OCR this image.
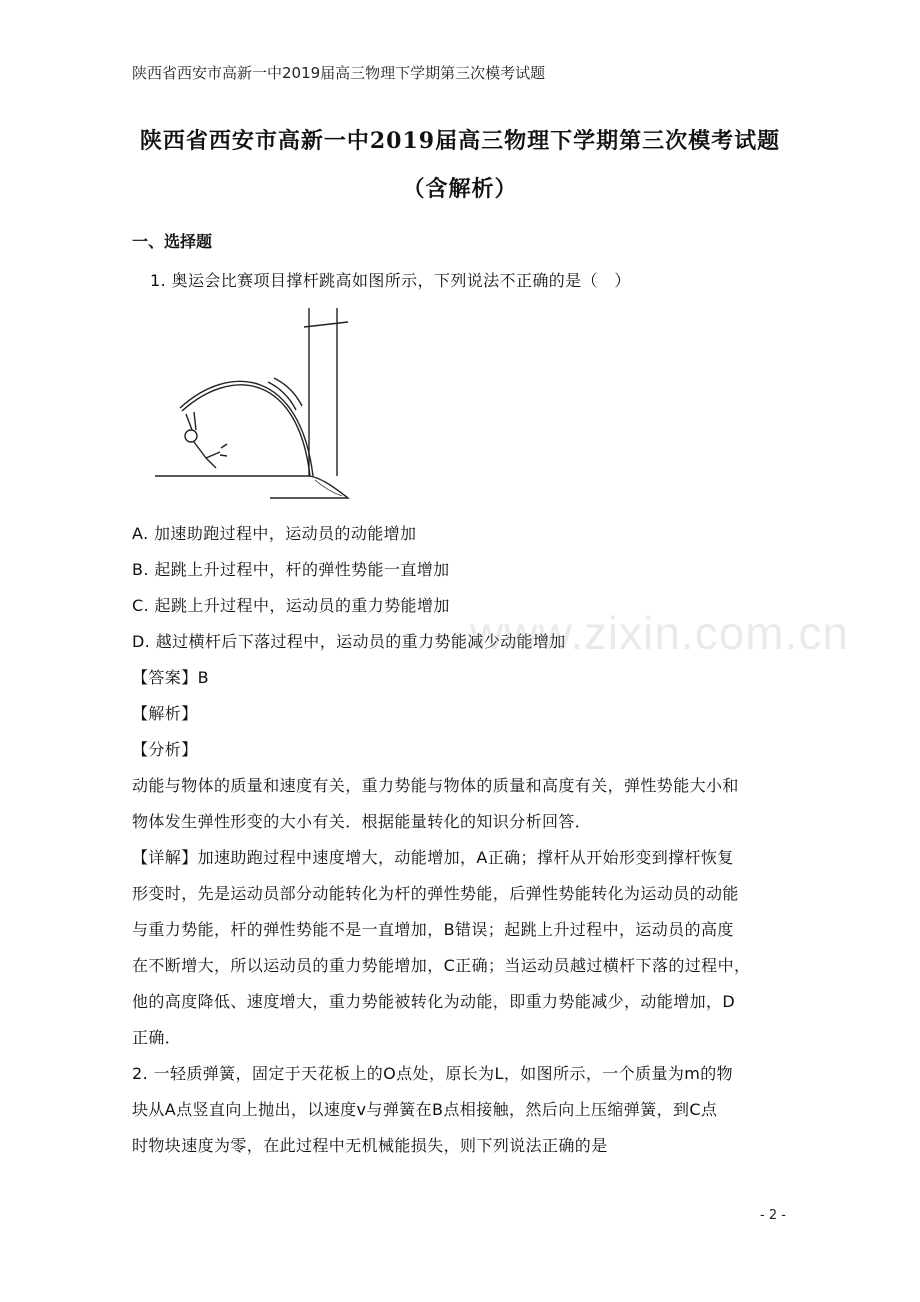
陕西省西安市高新一中2019届高三物理下学期第三次模考试题
陕西省西安市高新一中2019届高三物理下学期第三次模考试题
（含解析）
一、选择题
1. 奥运会比赛项目撑杆跳高如图所示，下列说法不正确的是（　）
A. 加速助跑过程中，运动员的动能增加
B. 起跳上升过程中，杆的弹性势能一直增加
C. 起跳上升过程中，运动员的重力势能增加
D. 越过横杆后下落过程中，运动员的重力势能减少动能增加
www.zixin.com.cn
【答案】B
【解析】
【分析】
动能与物体的质量和速度有关，重力势能与物体的质量和高度有关，弹性势能大小和
物体发生弹性形变的大小有关．根据能量转化的知识分析回答．
【详解】加速助跑过程中速度增大，动能增加，A正确；撑杆从开始形变到撑杆恢复
形变时，先是运动员部分动能转化为杆的弹性势能，后弹性势能转化为运动员的动能
与重力势能，杆的弹性势能不是一直增加，B错误；起跳上升过程中，运动员的高度
在不断增大，所以运动员的重力势能增加，C正确；当运动员越过横杆下落的过程中，
他的高度降低、速度增大，重力势能被转化为动能，即重力势能减少，动能增加，D
正确．
2. 一轻质弹簧，固定于天花板上的O点处，原长为L，如图所示，一个质量为m的物
块从A点竖直向上抛出，以速度v与弹簧在B点相接触，然后向上压缩弹簧，到C点
时物块速度为零，在此过程中无机械能损失，则下列说法正确的是
- 2 -
